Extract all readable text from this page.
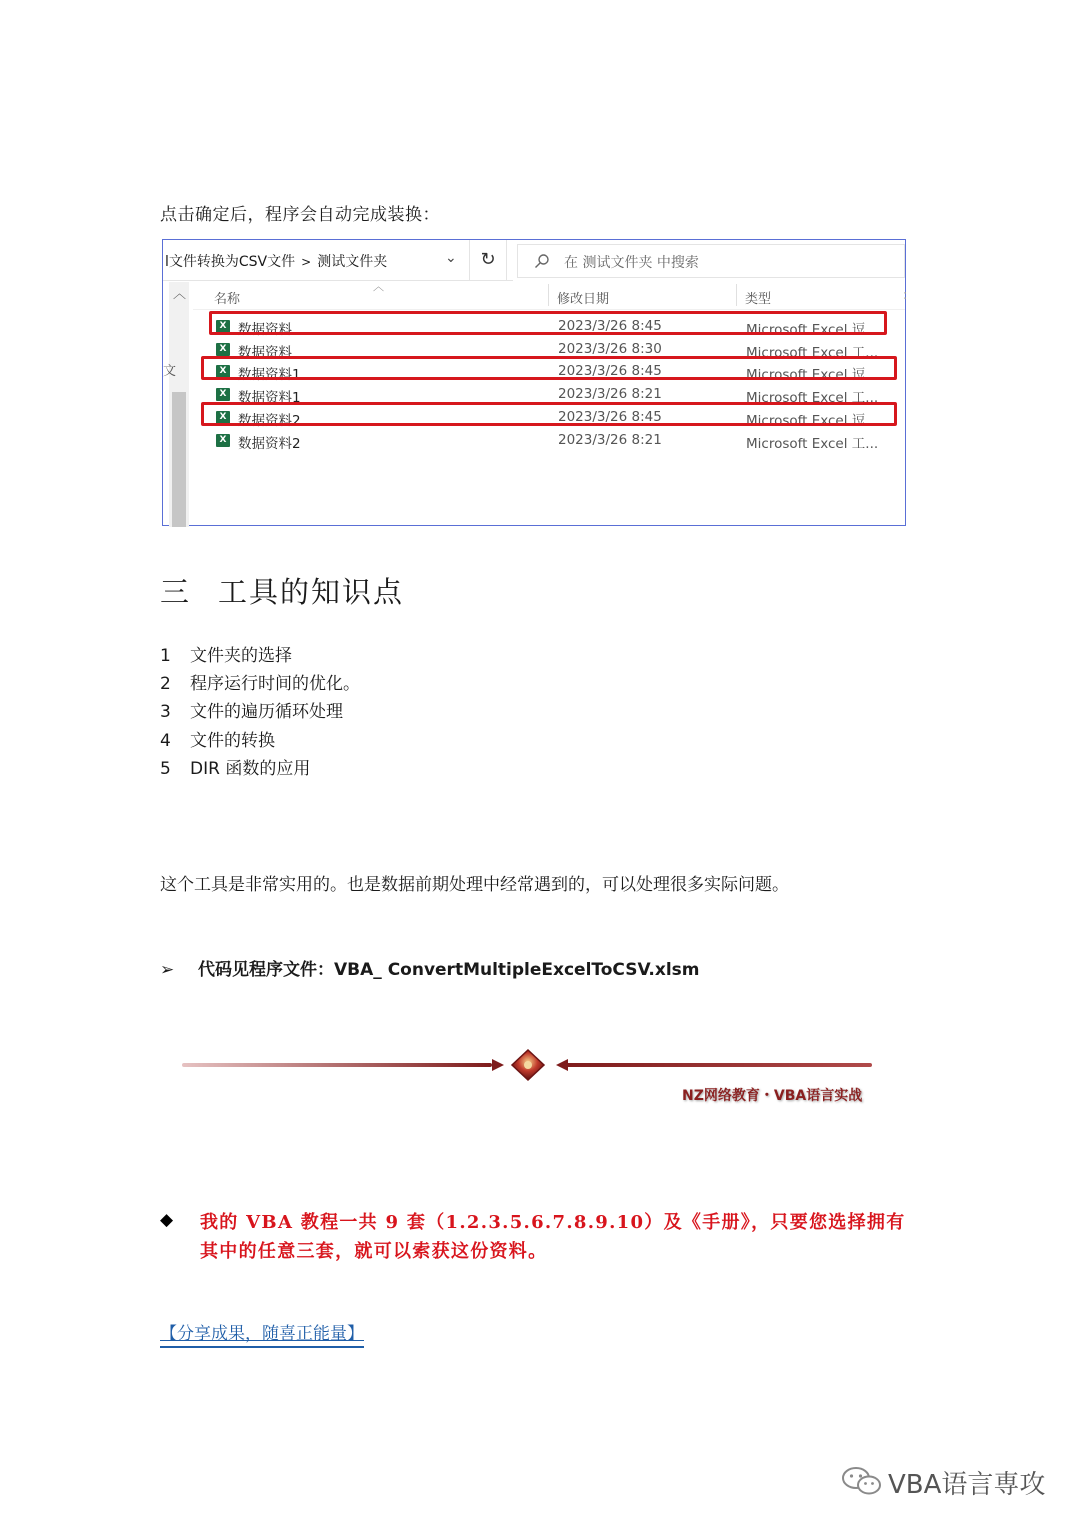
点击确定后，程序会自动完成装换：
l文件转换为CSV文件 > 测试文件夹	⌄	↻	在 测试文件夹 中搜索
︿
文
︿
名称	修改日期	类型	:
X 数据资料	2023/3/26 8:45	Microsoft Excel 逗...
X 数据资料	2023/3/26 8:30	Microsoft Excel 工...
X 数据资料1	2023/3/26 8:45	Microsoft Excel 逗...
X 数据资料1	2023/3/26 8:21	Microsoft Excel 工...
X 数据资料2	2023/3/26 8:45	Microsoft Excel 逗...
X 数据资料2	2023/3/26 8:21	Microsoft Excel 工...
三 工具的知识点
1 文件夹的选择
2 程序运行时间的优化。
3 文件的遍历循环处理
4 文件的转换
5 DIR 函数的应用
这个工具是非常实用的。也是数据前期处理中经常遇到的，可以处理很多实际问题。
➢ 代码见程序文件：VBA_ ConvertMultipleExcelToCSV.xlsm
NZ网络教育・VBA语言实战
◆ 我的 VBA 教程一共 9 套（1.2.3.5.6.7.8.9.10）及《手册》，只要您选择拥有其中的任意三套，就可以索获这份资料。
【分享成果，随喜正能量】
VBA语言専攻
